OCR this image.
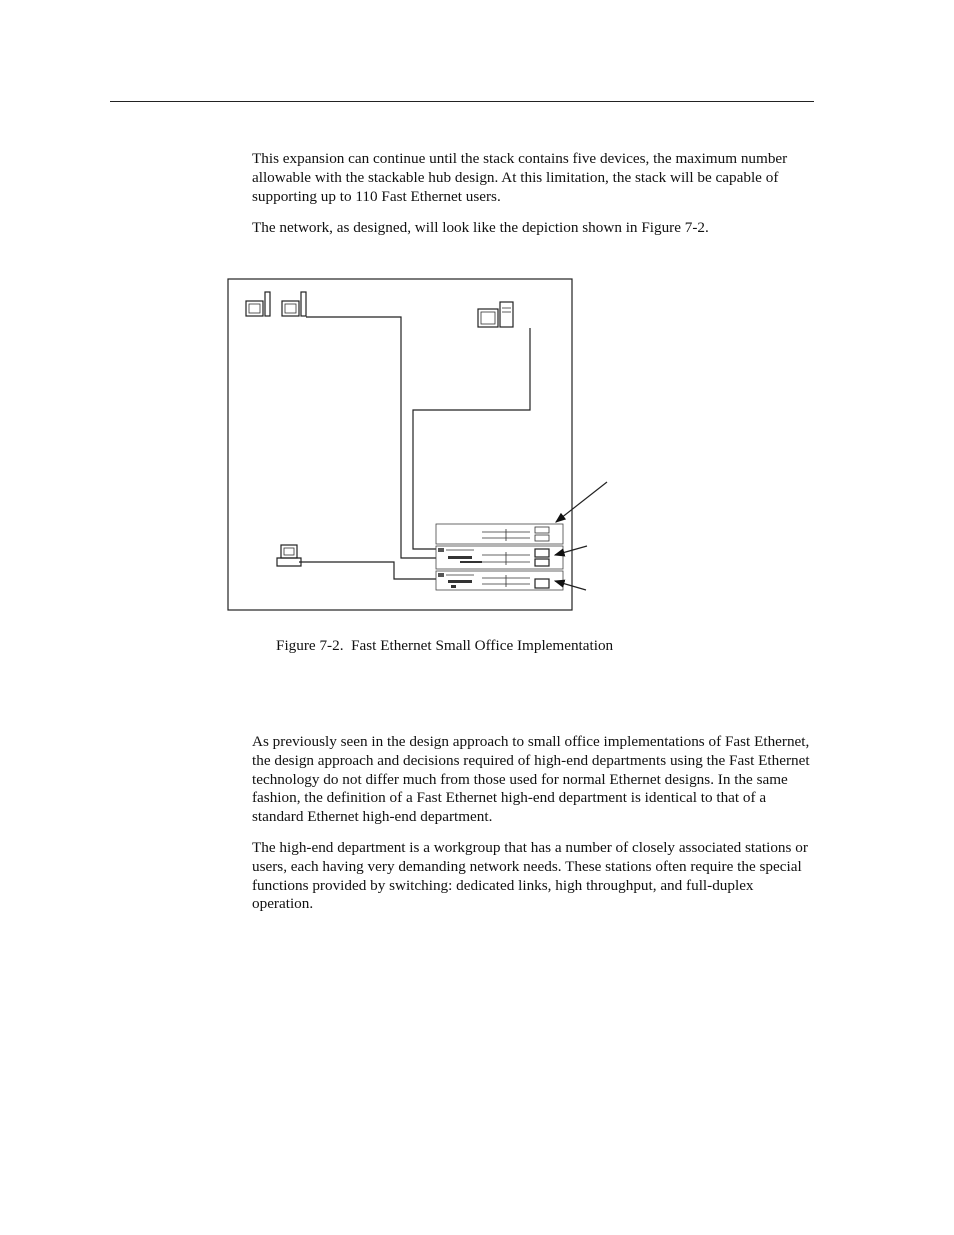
This expansion can continue until the stack contains five devices, the maximum number allowable with the stackable hub design. At this limitation, the stack will be capable of supporting up to 110 Fast Ethernet users.

The network, as designed, will look like the depiction shown in Figure 7-2.

Figure 7-2.  Fast Ethernet Small Office Implementation

As previously seen in the design approach to small office implementations of Fast Ethernet, the design approach and decisions required of high-end departments using the Fast Ethernet technology do not differ much from those used for normal Ethernet designs. In the same fashion, the definition of a Fast Ethernet high-end department is identical to that of a standard Ethernet high-end department.

The high-end department is a workgroup that has a number of closely associated stations or users, each having very demanding network needs. These stations often require the special functions provided by switching: dedicated links, high throughput, and full-duplex operation.
